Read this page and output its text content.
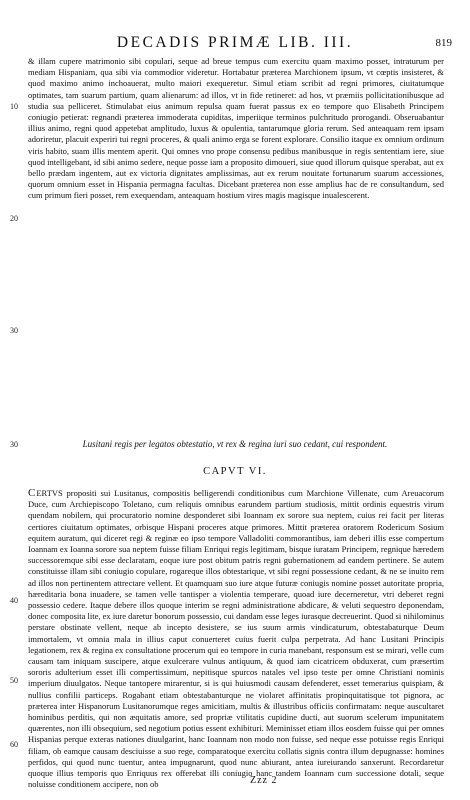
DECADIS PRIMÆ LIB. III.	819

& illam cupere matrimonio sibi copulari, seque ad breue tempus cum exercitu quam maximo posset, intraturum per mediam Hispaniam, qua sibi via commodior videretur. Hortabatur præterea Marchionem ipsum, vt cœptis insisteret, & quod maximo animo inchoauerat, multo maiori exequeretur. Simul etiam scribit ad regni primores, ciuitatumque optimates, tam suarum partium, quam alienarum: ad illos, vt in fide retineret: ad hos, vt præmiis pollicitationibusque ad studia sua pelliceret. Stimulabat eius animum repulsa quam fuerat passus ex eo tempore quo Elisabeth Principem coniugio petierat: regnandi præterea immoderata cupiditas, imperiique terminos pulchritudo prorogandi. Obseruabantur illius animo, regni quod appetebat amplitudo, luxus & opulentia, tantarumque gloria rerum. Sed anteaquam rem ipsam adoriretur, placuit experiri tui regni proceres, & quali animo erga se forent explorare. Consilio itaque ex omnium ordinum viris habito, suam illis mentem aperit. Qui omnes vno prope consensu pedibus manibusque in regis sententiam iere, siue quod intelligebant, id sibi animo sedere, neque posse iam a proposito dimoueri, siue quod illorum quisque sperabat, aut ex bello prædam ingentem, aut ex victoria dignitates amplissimas, aut ex rerum nouitate fortunarum suarum accessiones, quorum omnium esset in Hispania permagna facultas. Dicebant præterea non esse amplius hac de re consultandum, sed cum primum fieri posset, rem exequendam, anteaquam hostium vires magis magisque inualescerent.

10
20
30
30
40
50
60
Lusitani regis per legatos obtestatio, vt rex & regina iuri suo cedant, cui respondent.
CAPVT VI.

CERTVS propositi sui Lusitanus, compositis belligerendi conditionibus cum Marchione Villenate, cum Areuacorum Duce, cum Archiepiscopo Toletano, cum reliquis omnibus earundem partium studiosis, mittit ordinis equestris virum quendam nobilem, qui procuratorio nomine desponderet sibi Ioannam ex sorore sua neptem, cuius rei facit per literas certiores ciuitatum optimates, orbisque Hispani proceres atque primores. Mittit præterea oratorem Rodericum Sosium equitem auratum, qui diceret regi & reginæ eo ipso tempore Valladoliti commorantibus, iam deberi illis esse compertum Ioannam ex Ioanna sorore sua neptem fuisse filiam Enriqui regis legitimam, bisque iuratam Principem, regnique hæredem successoremque sibi esse declaratam, eoque iure post obitum patris regni gubernationem ad eandem pertinere. Se autem constituisse illam sibi coniugio copulare, rogareque illos obtestarique, vt sibi regni possessione cedant, & ne se inuito rem ad illos non pertinentem attrectare vellent. Et quamquam suo iure atque futuræ coniugis nomine posset autoritate propria, hæreditaria bona inuadere, se tamen velle tantisper a violentia temperare, quoad iure decerneretur, vtri deberet regni possessio cedere. Itaque debere illos quoque interim se regni administratione abdicare, & veluti sequestro deponendam, donec composita lite, ex iure daretur bonorum possessio, cui dandam esse leges iurasque decreuerint. Quod si nihilominus perstare obstinate vellent, neque ab incepto desistere, se ius suum armis vindicaturum, obtestabaturque Deum immortalem, vt omnia mala in illius caput conuerteret cuius fuerit culpa perpetrata. Ad hanc Lusitani Principis legationem, rex & regina ex consultatione procerum qui eo tempore in curia manebant, responsum est se mirari, velle cum causam tam iniquam suscipere, atque exulcerare vulnus antiquum, & quod iam cicatricem obduxerat, cum præsertim sororis adulterium esset illi compertissimum, nepitisque spurcos natales vel ipso teste per omne Christiani nominis imperium diuulgatos. Neque tantopere mirarentur, si is qui huiusmodi causam defenderet, esset temerarius quispiam, & nullius confilii particeps. Rogabant etiam obtestabanturque ne violaret affinitatis propinquitatisque tot pignora, ac præterea inter Hispanorum Lusitanorumque reges amicitiam, multis & illustribus officiis confirmatam: neque auscultaret hominibus perditis, qui non æquitatis amore, sed propriæ vtilitatis cupidine ducti, aut suorum scelerum impunitatem quærentes, non illi obsequium, sed negotium potius essent exhibituri. Meminisset etiam illos eosdem fuisse qui per omnes Hispanias perque exteras nationes diuulgarint, hanc Ioannam non modo non fuisse, sed neque esse potuisse regis Enriqui filiam, ob eamque causam desciuisse a suo rege, comparatoque exercitu collatis signis contra illum depugnasse: homines perfidos, qui quod nunc tuentur, antea impugnarunt, quod nunc abiurant, antea iureiurando sanxerunt. Recordaretur quoque illius temporis quo Enriquus rex offerebat illi coniugio hanc tandem Ioannam cum successione dotali, seque noluisse conditionem accipere, non ob	Zzz 2
